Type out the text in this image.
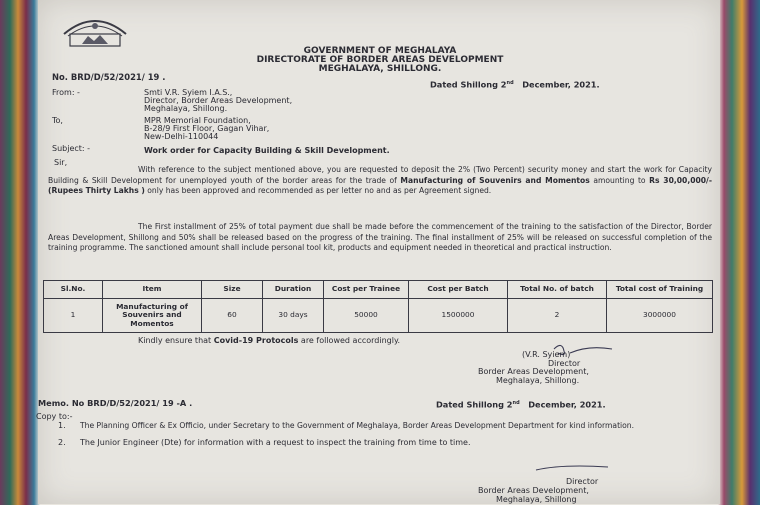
GOVERNMENT OF MEGHALAYA
DIRECTORATE OF BORDER AREAS DEVELOPMENT
MEGHALAYA, SHILLONG.
No. BRD/D/52/2021/ 19 .
Dated Shillong 2nd December, 2021.
From: -	Smti V.R. Syiem I.A.S.,
Director, Border Areas Development,
Meghalaya, Shillong.
To,	MPR Memorial Foundation,
B-28/9 First Floor, Gagan Vihar,
New-Delhi-110044
Subject: -	Work order for Capacity Building & Skill Development.
Sir,
With reference to the subject mentioned above, you are requested to deposit the 2% (Two Percent) security money and start the work for Capacity Building & Skill Development for unemployed youth of the border areas for the trade of Manufacturing of Souvenirs and Momentos amounting to Rs 30,00,000/- (Rupees Thirty Lakhs ) only has been approved and recommended as per letter no and as per Agreement signed.
The First installment of 25% of total payment due shall be made before the commencement of the training to the satisfaction of the Director, Border Areas Development, Shillong and 50% shall be released based on the progress of the training. The final installment of 25% will be released on successful completion of the training programme. The sanctioned amount shall include personal tool kit, products and equipment needed in theoretical and practical instruction.
Sl.No.	Item	Size	Duration	Cost per Trainee	Cost per Batch	Total No. of batch	Total cost of Training
1	Manufacturing of Souvenirs and Momentos	60	30 days	50000	1500000	2	3000000
Kindly ensure that Covid-19 Protocols are followed accordingly.
(V.R. Syiem)
Director
Border Areas Development,
Meghalaya, Shillong.
Memo. No BRD/D/52/2021/ 19 -A .	Dated Shillong 2nd December, 2021.
Copy to:-
1. The Planning Officer & Ex Officio, under Secretary to the Government of Meghalaya, Border Areas Development Department for kind information.
2. The Junior Engineer (Dte) for information with a request to inspect the training from time to time.
Director
Border Areas Development,
Meghalaya, Shillong
